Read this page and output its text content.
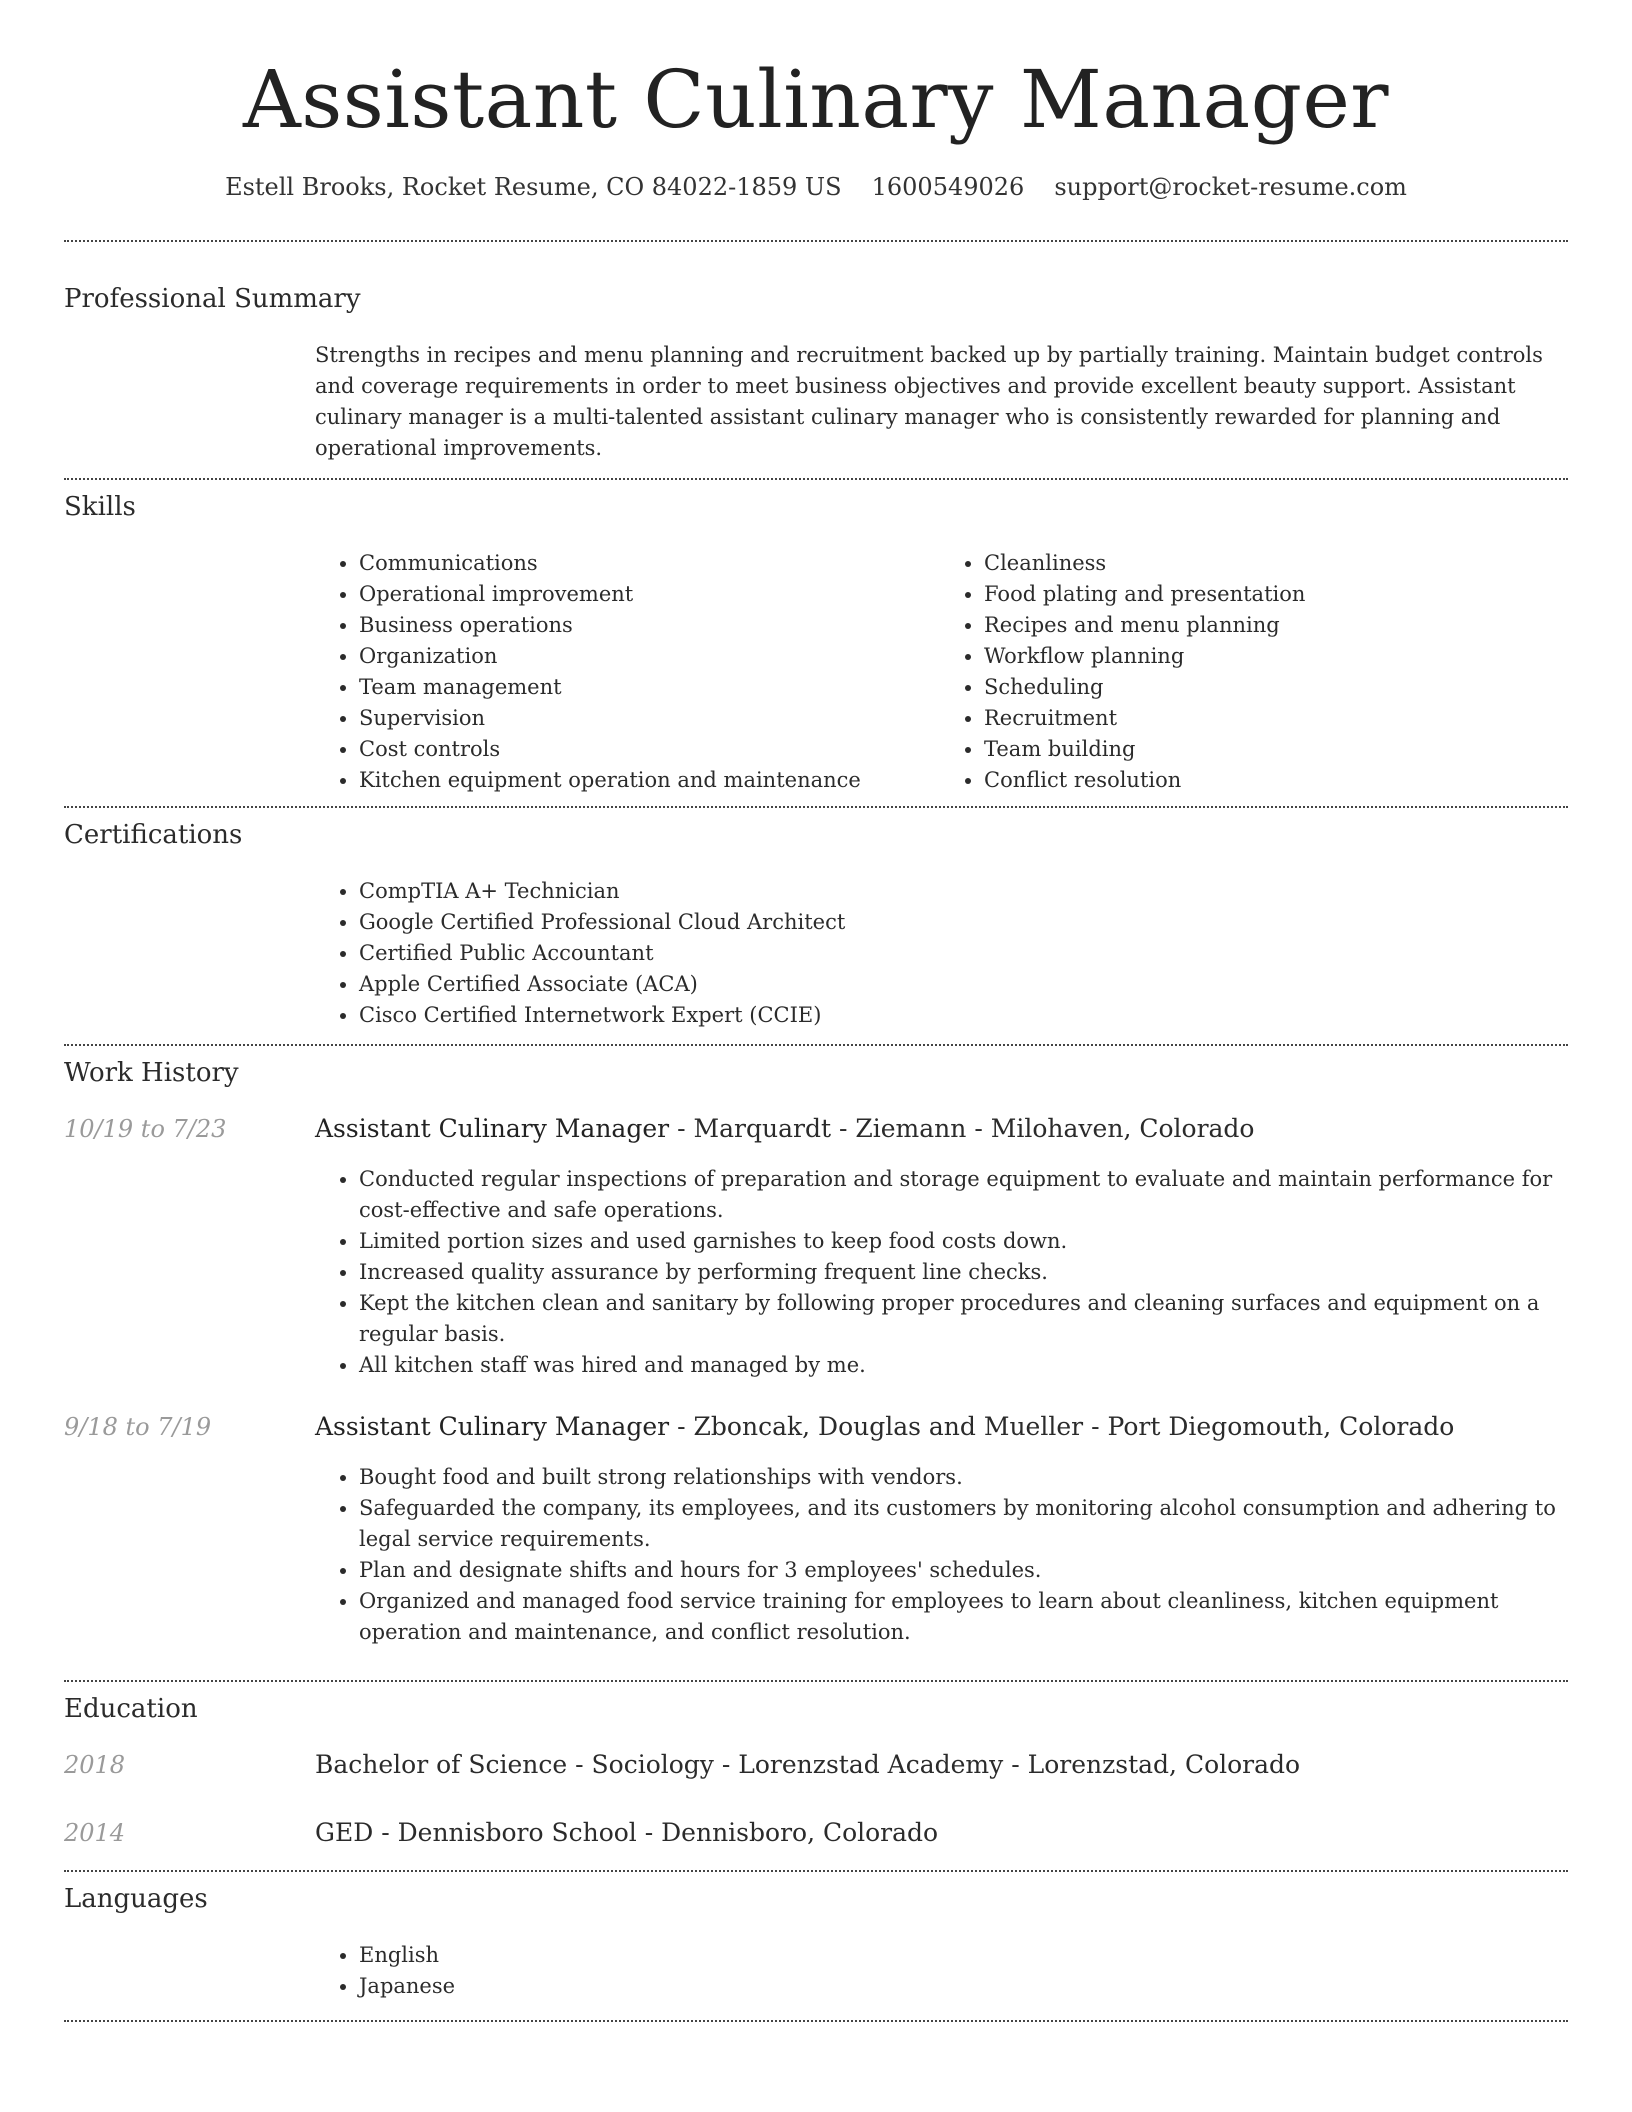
Assistant Culinary Manager
Estell Brooks, Rocket Resume, CO 84022-1859 US 1600549026 support@rocket-resume.com
Professional Summary

Strengths in recipes and menu planning and recruitment backed up by partially training. Maintain budget controls and coverage requirements in order to meet business objectives and provide excellent beauty support. Assistant culinary manager is a multi-talented assistant culinary manager who is consistently rewarded for planning and operational improvements.

Skills
• Communications
• Operational improvement
• Business operations
• Organization
• Team management
• Supervision
• Cost controls
• Kitchen equipment operation and maintenance
• Cleanliness
• Food plating and presentation
• Recipes and menu planning
• Workflow planning
• Scheduling
• Recruitment
• Team building
• Conflict resolution
Certifications
• CompTIA A+ Technician
• Google Certified Professional Cloud Architect
• Certified Public Accountant
• Apple Certified Associate (ACA)
• Cisco Certified Internetwork Expert (CCIE)
Work History
10/19 to 7/23	Assistant Culinary Manager - Marquardt - Ziemann - Milohaven, Colorado
• Conducted regular inspections of preparation and storage equipment to evaluate and maintain performance for cost-effective and safe operations.
• Limited portion sizes and used garnishes to keep food costs down.
• Increased quality assurance by performing frequent line checks.
• Kept the kitchen clean and sanitary by following proper procedures and cleaning surfaces and equipment on a regular basis.
• All kitchen staff was hired and managed by me.
9/18 to 7/19	Assistant Culinary Manager - Zboncak, Douglas and Mueller - Port Diegomouth, Colorado
• Bought food and built strong relationships with vendors.
• Safeguarded the company, its employees, and its customers by monitoring alcohol consumption and adhering to legal service requirements.
• Plan and designate shifts and hours for 3 employees' schedules.
• Organized and managed food service training for employees to learn about cleanliness, kitchen equipment operation and maintenance, and conflict resolution.
Education
2018	Bachelor of Science - Sociology - Lorenzstad Academy - Lorenzstad, Colorado
2014	GED - Dennisboro School - Dennisboro, Colorado
Languages
• English
• Japanese
